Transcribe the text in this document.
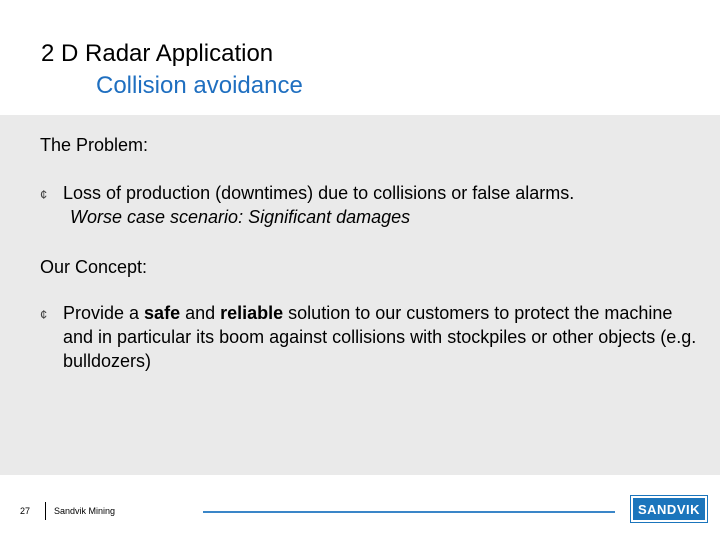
2 D Radar Application
Collision avoidance
The Problem:
¢ Loss of production (downtimes) due to collisions or false alarms.
Worse case scenario: Significant damages
Our Concept:
¢ Provide a safe and reliable solution to our customers to protect the machine and in particular its boom against collisions with stockpiles or other objects (e.g. bulldozers)
27	Sandvik Mining	SANDVIK
